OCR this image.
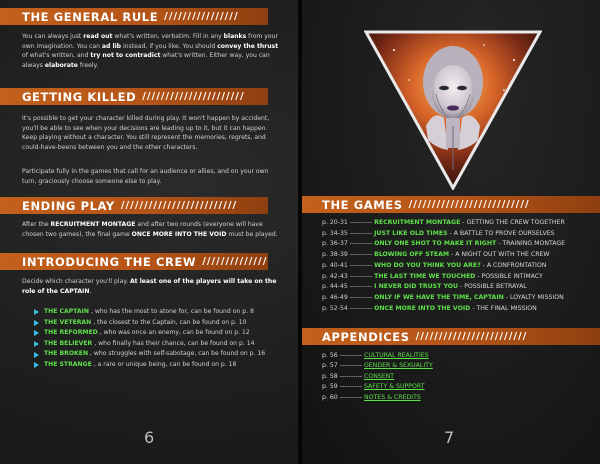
THE GENERAL RULE ////////////////
You can always just read out what's written, verbatim. Fill in any blanks from your own imagination. You can ad lib instead, if you like. You should convey the thrust of what's written, and try not to contradict what's written. Either way, you can always elaborate freely.
GETTING KILLED //////////////////////
It's possible to get your character killed during play. It won't happen by accident, you'll be able to see when your decisions are leading up to it, but it can happen. Keep playing without a character. You still represent the memories, regrets, and could-have-beens between you and the other characters.
Participate fully in the games that call for an audience or allies, and on your own turn, graciously choose someone else to play.
ENDING PLAY /////////////////////////
After the RECRUITMENT MONTAGE and after two rounds (everyone will have chosen two games), the final game ONCE MORE INTO THE VOID must be played.
INTRODUCING THE CREW //////////////
Decide which character you'll play. At least one of the players will take on the role of the CAPTAIN.
THE CAPTAIN , who has the most to atone for, can be found on p. 8
THE VETERAN , the closest to the Captain, can be found on p. 10
THE REFORMED , who was once an enemy, can be found on p. 12
THE BELIEVER , who finally has their chance, can be found on p. 14
THE BROKEN , who struggles with self-sabotage, can be found on p. 16
THE STRANGE , a rare or unique being, can be found on p. 18
6
THE GAMES //////////////////////////
p. 20-31 ---------- RECRUITMENT MONTAGE - GETTING THE CREW TOGETHER
p. 34-35 ---------- JUST LIKE OLD TIMES - A BATTLE TO PROVE OURSELVES
p. 36-37 ---------- ONLY ONE SHOT TO MAKE IT RIGHT - TRAINING MONTAGE
p. 38-39 ---------- BLOWING OFF STEAM - A NIGHT OUT WITH THE CREW
p. 40-41 ---------- WHO DO YOU THINK YOU ARE? - A CONFRONTATION
p. 42-43 ---------- THE LAST TIME WE TOUCHED - POSSIBLE INTIMACY
p. 44-45 ---------- I NEVER DID TRUST YOU - POSSIBLE BETRAYAL
p. 46-49 ---------- ONLY IF WE HAVE THE TIME, CAPTAIN - LOYALTY MISSION
p. 52-54 ---------- ONCE MORE INTO THE VOID - THE FINAL MISSION
APPENDICES ////////////////////////
p. 56 ---------- CULTURAL REALITIES
p. 57 ---------- GENDER & SEXUALITY
p. 58 ---------- CONSENT
p. 59 ---------- SAFETY & SUPPORT
p. 60 ---------- NOTES & CREDITS
7
